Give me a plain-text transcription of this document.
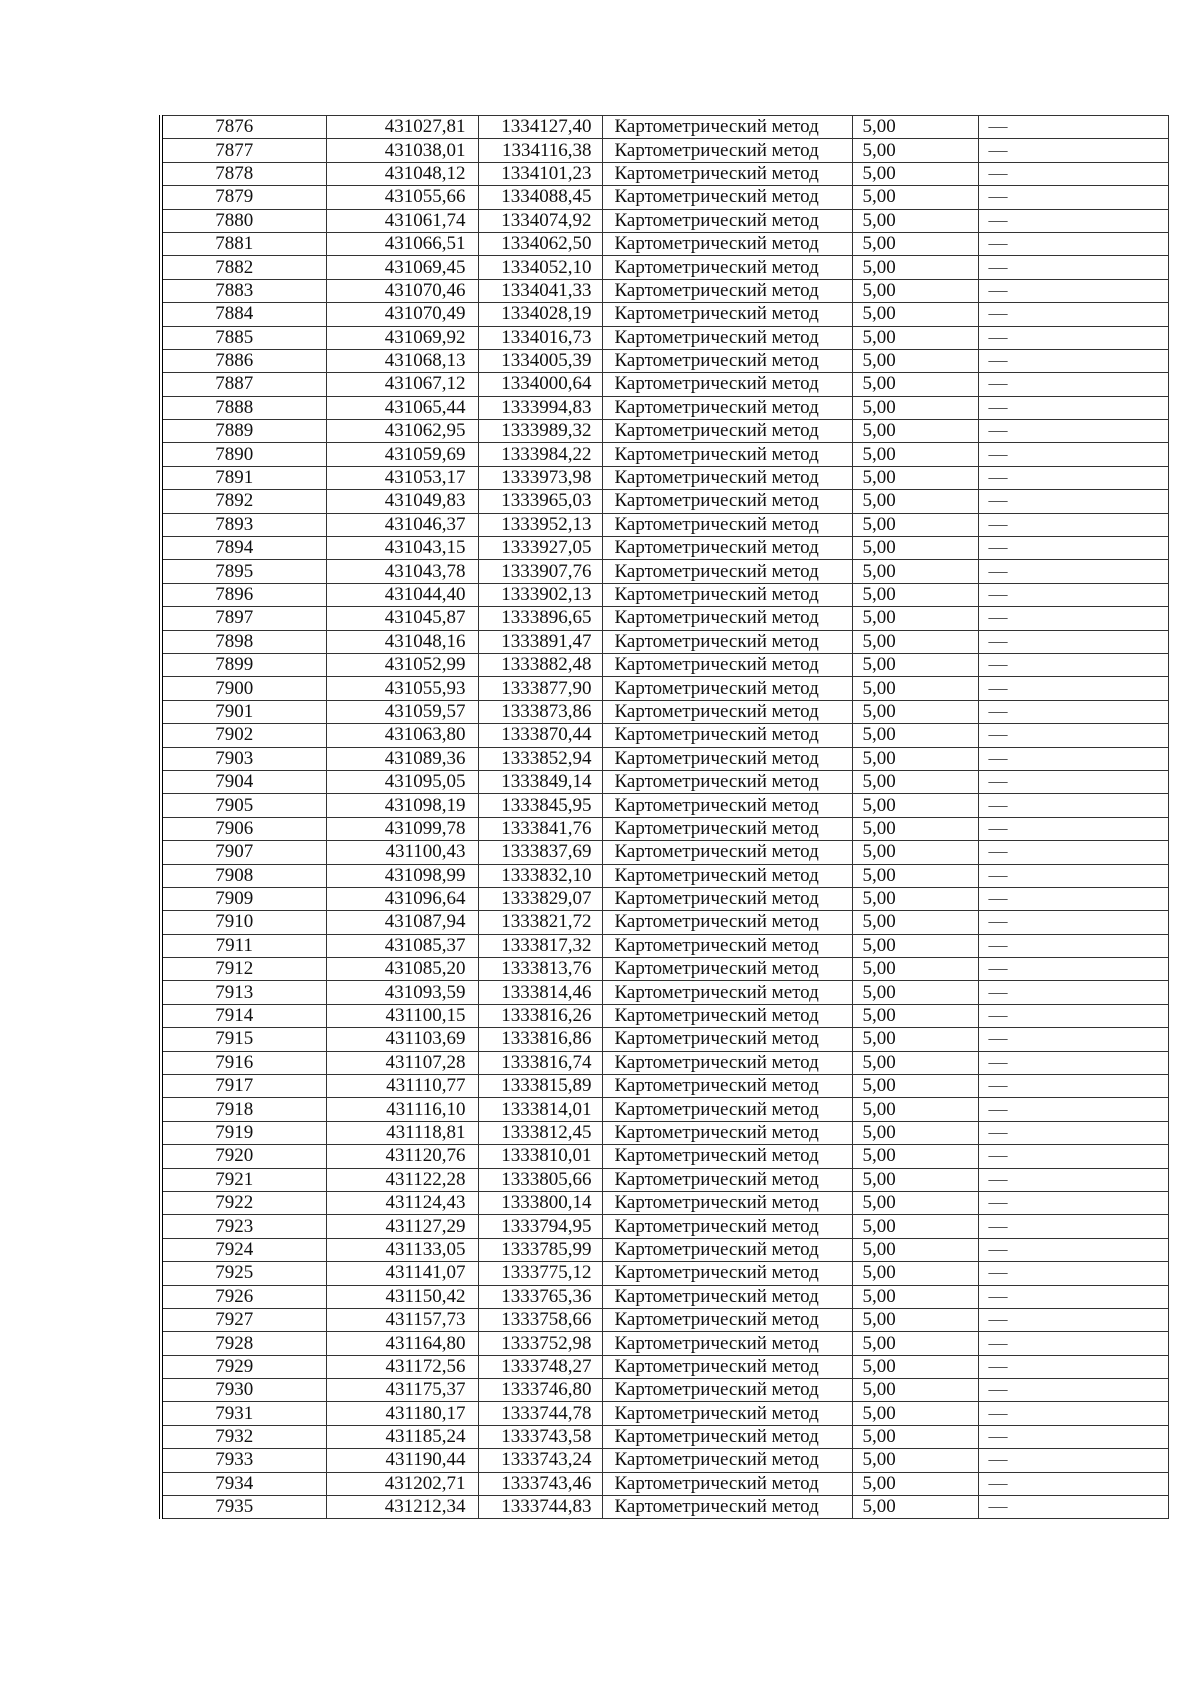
7876	431027,81	1334127,40	Картометрический метод	5,00	—
7877	431038,01	1334116,38	Картометрический метод	5,00	—
7878	431048,12	1334101,23	Картометрический метод	5,00	—
7879	431055,66	1334088,45	Картометрический метод	5,00	—
7880	431061,74	1334074,92	Картометрический метод	5,00	—
7881	431066,51	1334062,50	Картометрический метод	5,00	—
7882	431069,45	1334052,10	Картометрический метод	5,00	—
7883	431070,46	1334041,33	Картометрический метод	5,00	—
7884	431070,49	1334028,19	Картометрический метод	5,00	—
7885	431069,92	1334016,73	Картометрический метод	5,00	—
7886	431068,13	1334005,39	Картометрический метод	5,00	—
7887	431067,12	1334000,64	Картометрический метод	5,00	—
7888	431065,44	1333994,83	Картометрический метод	5,00	—
7889	431062,95	1333989,32	Картометрический метод	5,00	—
7890	431059,69	1333984,22	Картометрический метод	5,00	—
7891	431053,17	1333973,98	Картометрический метод	5,00	—
7892	431049,83	1333965,03	Картометрический метод	5,00	—
7893	431046,37	1333952,13	Картометрический метод	5,00	—
7894	431043,15	1333927,05	Картометрический метод	5,00	—
7895	431043,78	1333907,76	Картометрический метод	5,00	—
7896	431044,40	1333902,13	Картометрический метод	5,00	—
7897	431045,87	1333896,65	Картометрический метод	5,00	—
7898	431048,16	1333891,47	Картометрический метод	5,00	—
7899	431052,99	1333882,48	Картометрический метод	5,00	—
7900	431055,93	1333877,90	Картометрический метод	5,00	—
7901	431059,57	1333873,86	Картометрический метод	5,00	—
7902	431063,80	1333870,44	Картометрический метод	5,00	—
7903	431089,36	1333852,94	Картометрический метод	5,00	—
7904	431095,05	1333849,14	Картометрический метод	5,00	—
7905	431098,19	1333845,95	Картометрический метод	5,00	—
7906	431099,78	1333841,76	Картометрический метод	5,00	—
7907	431100,43	1333837,69	Картометрический метод	5,00	—
7908	431098,99	1333832,10	Картометрический метод	5,00	—
7909	431096,64	1333829,07	Картометрический метод	5,00	—
7910	431087,94	1333821,72	Картометрический метод	5,00	—
7911	431085,37	1333817,32	Картометрический метод	5,00	—
7912	431085,20	1333813,76	Картометрический метод	5,00	—
7913	431093,59	1333814,46	Картометрический метод	5,00	—
7914	431100,15	1333816,26	Картометрический метод	5,00	—
7915	431103,69	1333816,86	Картометрический метод	5,00	—
7916	431107,28	1333816,74	Картометрический метод	5,00	—
7917	431110,77	1333815,89	Картометрический метод	5,00	—
7918	431116,10	1333814,01	Картометрический метод	5,00	—
7919	431118,81	1333812,45	Картометрический метод	5,00	—
7920	431120,76	1333810,01	Картометрический метод	5,00	—
7921	431122,28	1333805,66	Картометрический метод	5,00	—
7922	431124,43	1333800,14	Картометрический метод	5,00	—
7923	431127,29	1333794,95	Картометрический метод	5,00	—
7924	431133,05	1333785,99	Картометрический метод	5,00	—
7925	431141,07	1333775,12	Картометрический метод	5,00	—
7926	431150,42	1333765,36	Картометрический метод	5,00	—
7927	431157,73	1333758,66	Картометрический метод	5,00	—
7928	431164,80	1333752,98	Картометрический метод	5,00	—
7929	431172,56	1333748,27	Картометрический метод	5,00	—
7930	431175,37	1333746,80	Картометрический метод	5,00	—
7931	431180,17	1333744,78	Картометрический метод	5,00	—
7932	431185,24	1333743,58	Картометрический метод	5,00	—
7933	431190,44	1333743,24	Картометрический метод	5,00	—
7934	431202,71	1333743,46	Картометрический метод	5,00	—
7935	431212,34	1333744,83	Картометрический метод	5,00	—
